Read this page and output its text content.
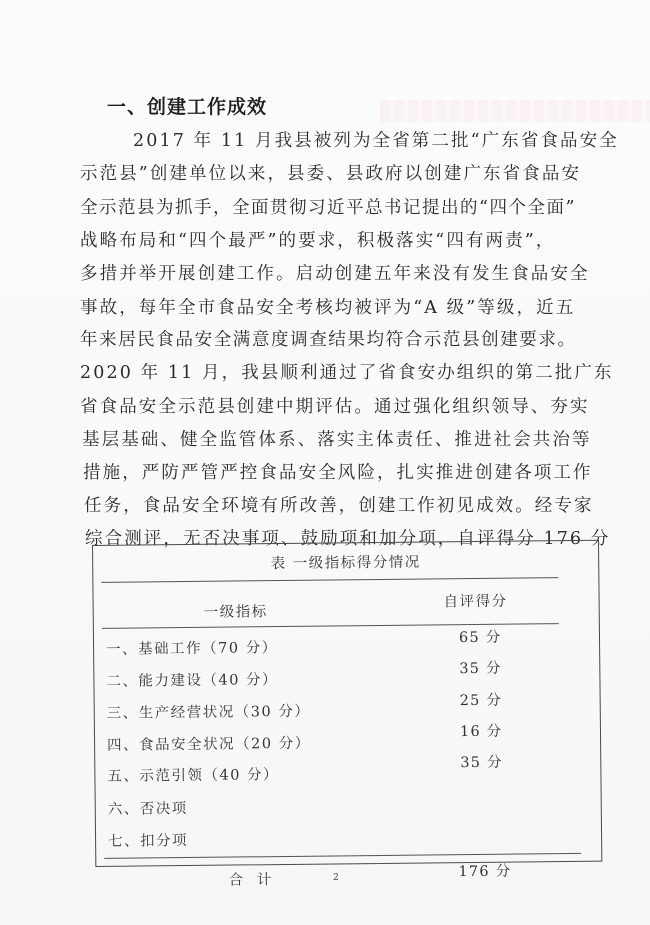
一、创建工作成效
2017 年 11 月我县被列为全省第二批“广东省食品安全
示范县”创建单位以来，县委、县政府以创建广东省食品安
全示范县为抓手，全面贯彻习近平总书记提出的“四个全面”
战略布局和“四个最严”的要求，积极落实“四有两责”，
多措并举开展创建工作。启动创建五年来没有发生食品安全
事故，每年全市食品安全考核均被评为“A 级”等级，近五
年来居民食品安全满意度调查结果均符合示范县创建要求。
2020 年 11 月，我县顺利通过了省食安办组织的第二批广东
省食品安全示范县创建中期评估。通过强化组织领导、夯实
基层基础、健全监管体系、落实主体责任、推进社会共治等
措施，严防严管严控食品安全风险，扎实推进创建各项工作
任务，食品安全环境有所改善，创建工作初见成效。经专家
综合测评，无否决事项、鼓励项和加分项，自评得分 176 分
表 一级指标得分情况
一级指标
自评得分
一、基础工作（70 分）
65 分
二、能力建设（40 分）
35 分
三、生产经营状况（30 分）
25 分
四、食品安全状况（20 分）
16 分
五、示范引领（40 分）
35 分
六、否决项
七、扣分项
合计
176 分
2
